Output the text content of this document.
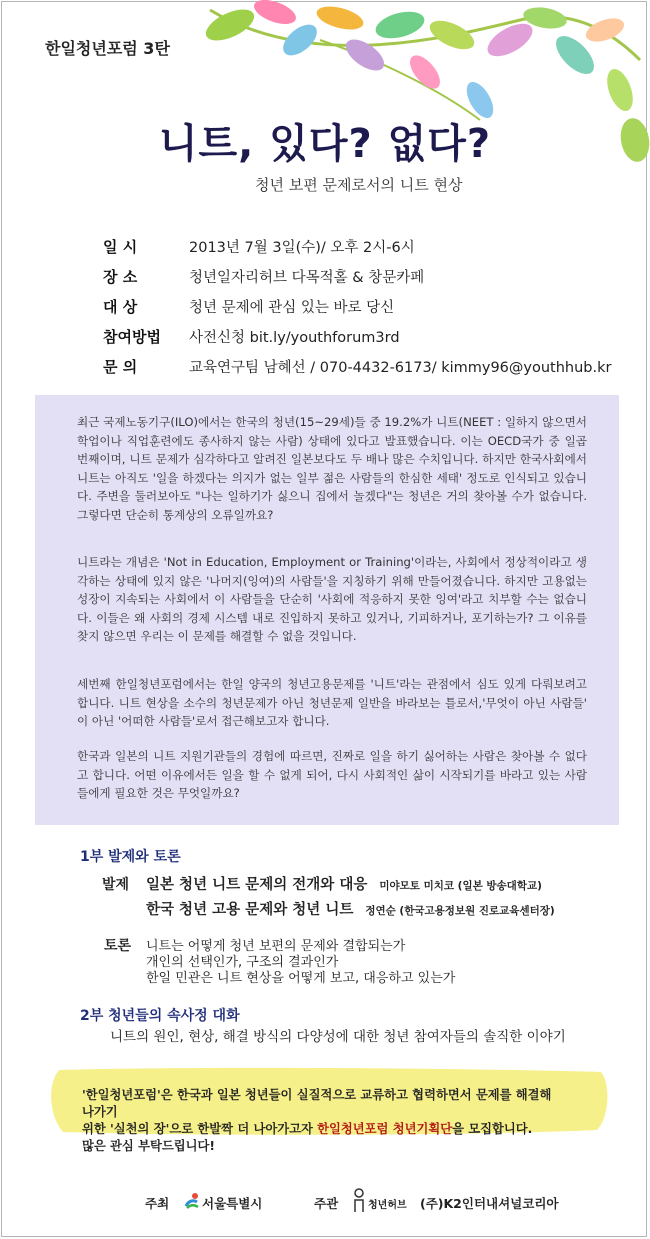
한일청년포럼 3탄
니트, 있다? 없다?
청년 보편 문제로서의 니트 현상
일 시	2013년 7월 3일(수)/ 오후 2시-6시
장 소	청년일자리허브 다목적홀 & 창문카페
대 상	청년 문제에 관심 있는 바로 당신
참여방법	사전신청 bit.ly/youthforum3rd
문 의	교육연구팀 남혜선 / 070-4432-6173/ kimmy96@youthhub.kr

최근 국제노동기구(ILO)에서는 한국의 청년(15~29세)들 중 19.2%가 니트(NEET : 일하지 않으면서 학업이나 직업훈련에도 종사하지 않는 사람) 상태에 있다고 발표했습니다. 이는 OECD국가 중 일곱 번째이며, 니트 문제가 심각하다고 알려진 일본보다도 두 배나 많은 수치입니다. 하지만 한국사회에서 니트는 아직도 '일을 하겠다는 의지가 없는 일부 젊은 사람들의 한심한 세태' 정도로 인식되고 있습니다. 주변을 둘러보아도 "나는 일하기가 싫으니 집에서 놀겠다"는 청년은 거의 찾아볼 수가 없습니다. 그렇다면 단순히 통계상의 오류일까요?

니트라는 개념은 'Not in Education, Employment or Training'이라는, 사회에서 정상적이라고 생각하는 상태에 있지 않은 '나머지(잉여)의 사람들'을 지칭하기 위해 만들어졌습니다. 하지만 고용없는 성장이 지속되는 사회에서 이 사람들을 단순히 '사회에 적응하지 못한 잉여'라고 치부할 수는 없습니다. 이들은 왜 사회의 경제 시스템 내로 진입하지 못하고 있거나, 기피하거나, 포기하는가? 그 이유를 찾지 않으면 우리는 이 문제를 해결할 수 없을 것입니다.

세번째 한일청년포럼에서는 한일 양국의 청년고용문제를 '니트'라는 관점에서 심도 있게 다뤄보려고 합니다. 니트 현상을 소수의 청년문제가 아닌 청년문제 일반을 바라보는 틀로서,'무엇이 아닌 사람들' 이 아닌 '어떠한 사람들'로서 접근해보고자 합니다.

한국과 일본의 니트 지원기관들의 경험에 따르면, 진짜로 일을 하기 싫어하는 사람은 찾아볼 수 없다고 합니다. 어떤 이유에서든 일을 할 수 없게 되어, 다시 사회적인 삶이 시작되기를 바라고 있는 사람들에게 필요한 것은 무엇일까요?

1부 발제와 토론
발제 일본 청년 니트 문제의 전개와 대응 미야모토 미치코 (일본 방송대학교)
한국 청년 고용 문제와 청년 니트 정연순 (한국고용정보원 진로교육센터장)
토론 니트는 어떻게 청년 보편의 문제와 결합되는가
개인의 선택인가, 구조의 결과인가
한일 민관은 니트 현상을 어떻게 보고, 대응하고 있는가
2부 청년들의 속사정 대화
니트의 원인, 현상, 해결 방식의 다양성에 대한 청년 참여자들의 솔직한 이야기
'한일청년포럼'은 한국과 일본 청년들이 실질적으로 교류하고 협력하면서 문제를 해결해 나가기
위한 '실천의 장'으로 한발짝 더 나아가고자 한일청년포럼 청년기획단을 모집합니다.
많은 관심 부탁드립니다!
주최	서울특별시	주관	청년허브 (주)K2인터내셔널코리아
